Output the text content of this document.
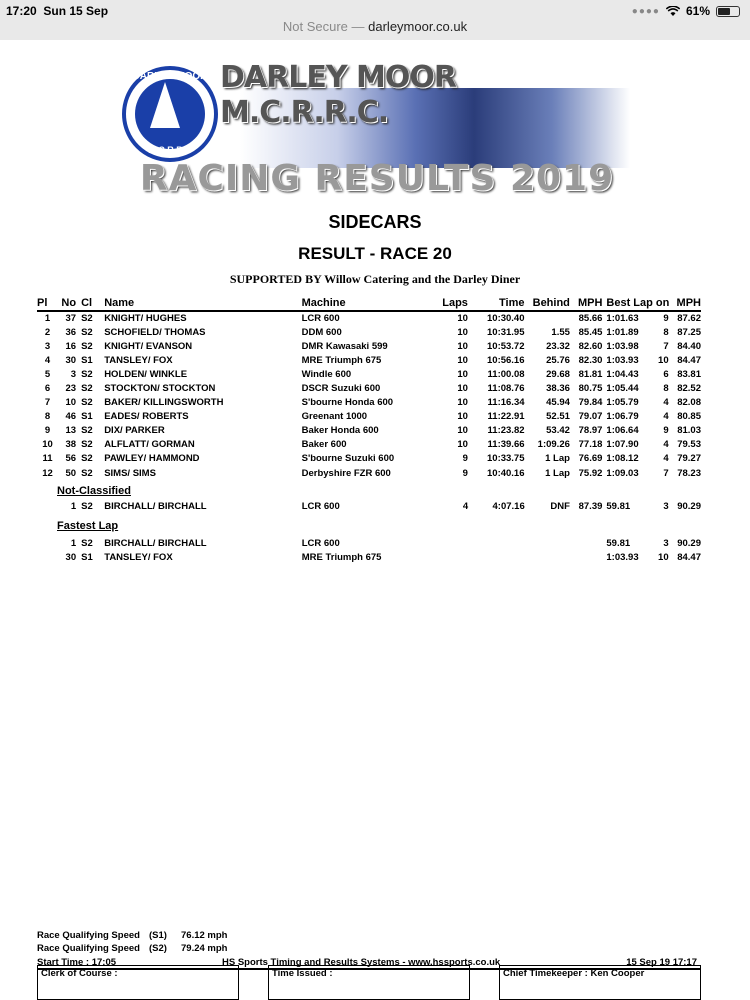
17:20 Sun 15 Sep	●●●● 61%
Not Secure — darleymoor.co.uk
DARLEY MOOR
M.C.R.R.C
DARLEY MOOR M.C.R.R.C.
RACING RESULTS 2019
SIDECARS
RESULT - RACE 20
SUPPORTED BY Willow Catering and the Darley Diner
Pl	No	Cl	Name	Machine	Laps	Time	Behind	MPH	Best Lap on		MPH
1	37	S2	KNIGHT/ HUGHES	LCR 600	10	10:30.40		85.66	1:01.63	9	87.62
2	36	S2	SCHOFIELD/ THOMAS	DDM 600	10	10:31.95	1.55	85.45	1:01.89	8	87.25
3	16	S2	KNIGHT/ EVANSON	DMR Kawasaki 599	10	10:53.72	23.32	82.60	1:03.98	7	84.40
4	30	S1	TANSLEY/ FOX	MRE Triumph 675	10	10:56.16	25.76	82.30	1:03.93	10	84.47
5	3	S2	HOLDEN/ WINKLE	Windle 600	10	11:00.08	29.68	81.81	1:04.43	6	83.81
6	23	S2	STOCKTON/ STOCKTON	DSCR Suzuki 600	10	11:08.76	38.36	80.75	1:05.44	8	82.52
7	10	S2	BAKER/ KILLINGSWORTH	S'bourne Honda 600	10	11:16.34	45.94	79.84	1:05.79	4	82.08
8	46	S1	EADES/ ROBERTS	Greenant 1000	10	11:22.91	52.51	79.07	1:06.79	4	80.85
9	13	S2	DIX/ PARKER	Baker Honda 600	10	11:23.82	53.42	78.97	1:06.64	9	81.03
10	38	S2	ALFLATT/ GORMAN	Baker 600	10	11:39.66	1:09.26	77.18	1:07.90	4	79.53
11	56	S2	PAWLEY/ HAMMOND	S'bourne Suzuki 600	9	10:33.75	1 Lap	76.69	1:08.12	4	79.27
12	50	S2	SIMS/ SIMS	Derbyshire FZR 600	9	10:40.16	1 Lap	75.92	1:09.03	7	78.23
Not-Classified
	1	S2	BIRCHALL/ BIRCHALL	LCR 600	4	4:07.16	DNF	87.39	59.81	3	90.29
Fastest Lap
	1	S2	BIRCHALL/ BIRCHALL	LCR 600					59.81	3	90.29
	30	S1	TANSLEY/ FOX	MRE Triumph 675					1:03.93	10	84.47
Race Qualifying Speed (S1) 76.12 mph
Race Qualifying Speed (S2) 79.24 mph
Start Time : 17:05	HS Sports Timing and Results Systems - www.hssports.co.uk	15 Sep 19 17:17
Clerk of Course :	Time Issued :	Chief Timekeeper : Ken Cooper
